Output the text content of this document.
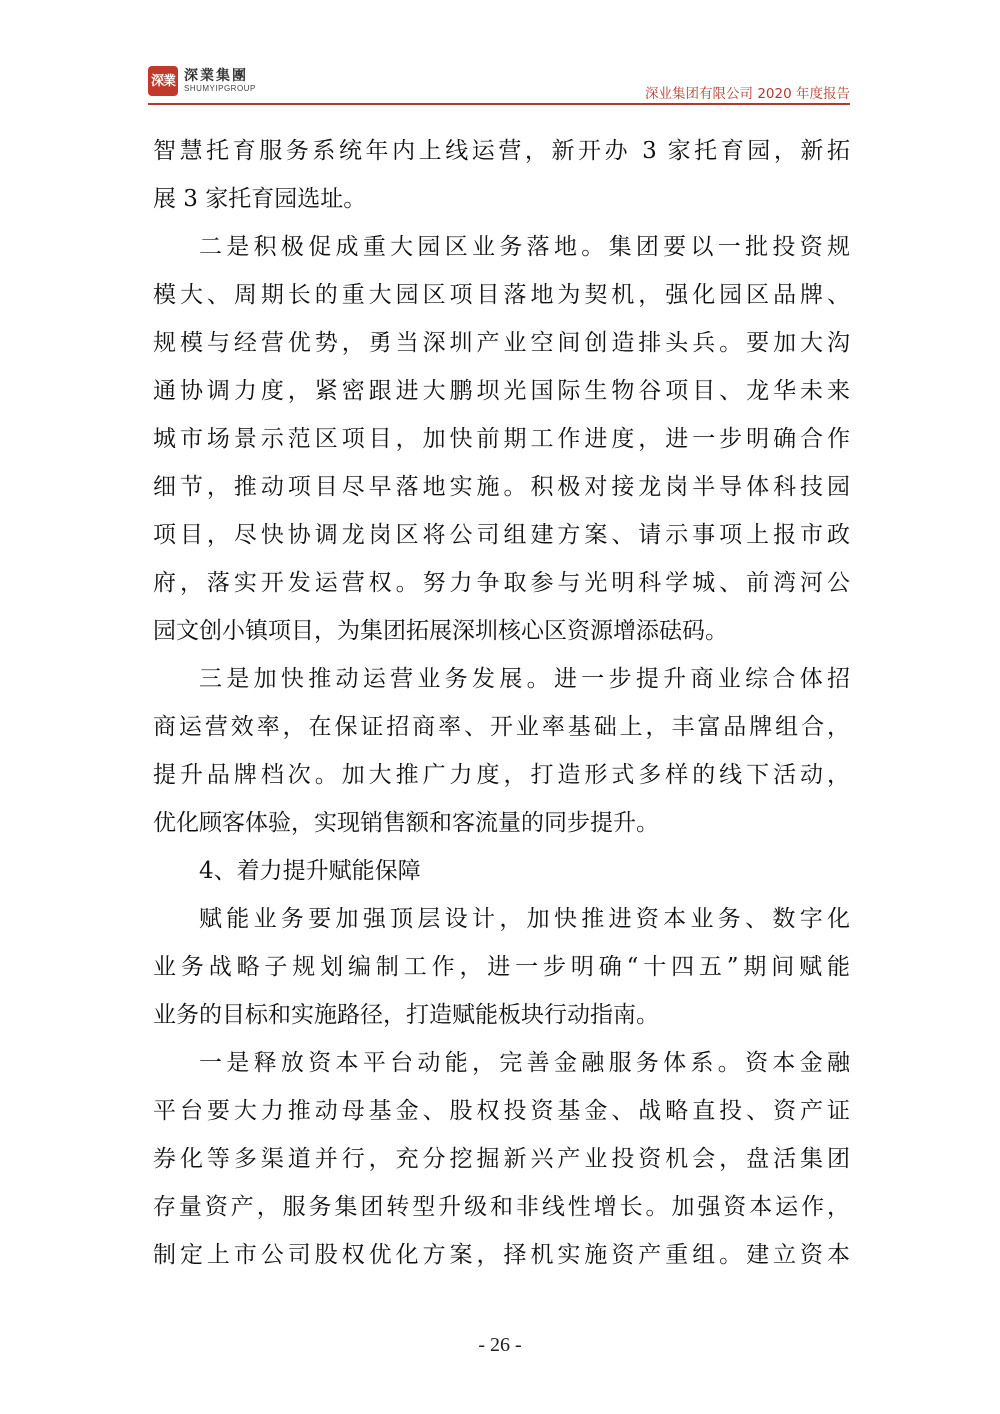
深業 深業集團
SHUMYIPGROUP	深业集团有限公司 2020 年度报告
智慧托育服务系统年内上线运营，新开办 3 家托育园，新拓
展 3 家托育园选址。
二是积极促成重大园区业务落地。集团要以一批投资规
模大、周期长的重大园区项目落地为契机，强化园区品牌、
规模与经营优势，勇当深圳产业空间创造排头兵。要加大沟
通协调力度，紧密跟进大鹏坝光国际生物谷项目、龙华未来
城市场景示范区项目，加快前期工作进度，进一步明确合作
细节，推动项目尽早落地实施。积极对接龙岗半导体科技园
项目，尽快协调龙岗区将公司组建方案、请示事项上报市政
府，落实开发运营权。努力争取参与光明科学城、前湾河公
园文创小镇项目，为集团拓展深圳核心区资源增添砝码。
三是加快推动运营业务发展。进一步提升商业综合体招
商运营效率，在保证招商率、开业率基础上，丰富品牌组合，
提升品牌档次。加大推广力度，打造形式多样的线下活动，
优化顾客体验，实现销售额和客流量的同步提升。
4、着力提升赋能保障
赋能业务要加强顶层设计，加快推进资本业务、数字化
业务战略子规划编制工作，进一步明确“十四五”期间赋能
业务的目标和实施路径，打造赋能板块行动指南。
一是释放资本平台动能，完善金融服务体系。资本金融
平台要大力推动母基金、股权投资基金、战略直投、资产证
券化等多渠道并行，充分挖掘新兴产业投资机会，盘活集团
存量资产，服务集团转型升级和非线性增长。加强资本运作，
制定上市公司股权优化方案，择机实施资产重组。建立资本
- 26 -
